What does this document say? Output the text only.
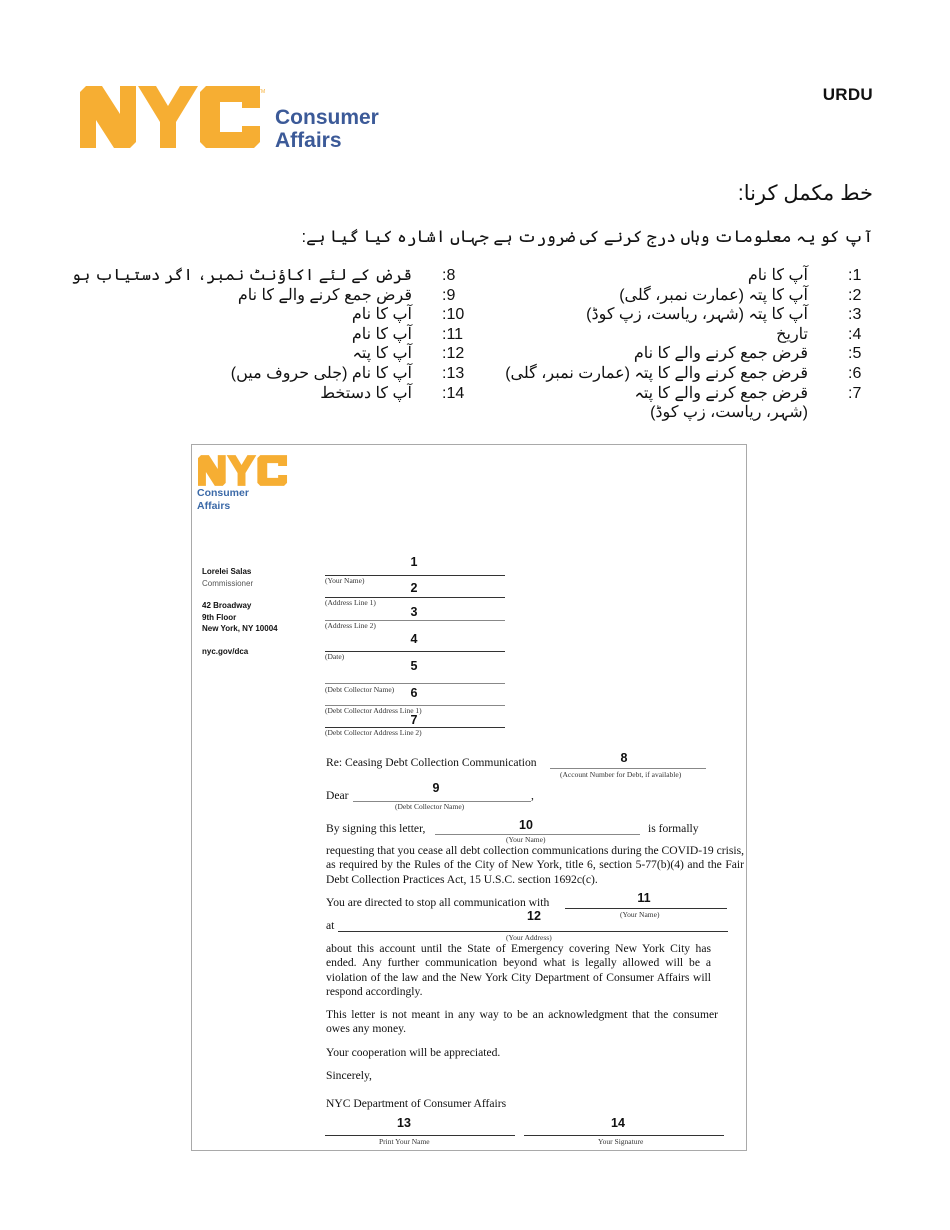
TM
Consumer
Affairs
URDU
خط مکمل کرنا:
آپ کو یہ معلومات وہاں درج کرنے کی ضرورت ہے جہاں اشارہ کیا گیا ہے:
:1
آپ کا نام
:2
آپ کا پتہ (عمارت نمبر، گلی)
:3
آپ کا پتہ (شہر، ریاست، زپ کوڈ)
:4
تاریخ
:5
قرض جمع کرنے والے کا نام
:6
قرض جمع کرنے والے کا پتہ (عمارت نمبر، گلی)
:7
قرض جمع کرنے والے کا پتہ
(شہر، ریاست، زپ کوڈ)
:8
قرض کے لئے اکاؤنٹ نمبر، اگر دستیاب ہو
:9
قرض جمع کرنے والے کا نام
:10
آپ کا نام
:11
آپ کا نام
:12
آپ کا پتہ
:13
آپ کا نام (جلی حروف میں)
:14
آپ کا دستخط
Consumer
Affairs
Lorelei Salas
Commissioner
42 Broadway
9th Floor
New York, NY 10004
nyc.gov/dca
1
(Your Name)
2
(Address Line 1)
3
(Address Line 2)
4
(Date)
5
(Debt Collector Name)	6
(Debt Collector Address Line 1)
7
(Debt Collector Address Line 2)
Re: Ceasing Debt Collection Communication	8
(Account Number for Debt, if available)
Dear
9
,
(Debt Collector Name)
By signing this letter,	10	is formally
(Your Name)
requesting that you cease all debt collection communications during the COVID-19 crisis, as required by the Rules of the City of New York, title 6, section 5-77(b)(4) and the Fair Debt Collection Practices Act, 15 U.S.C. section 1692c(c).
You are directed to stop all communication with	11
(Your Name)
12
at
(Your Address)
about this account until the State of Emergency covering New York City has ended. Any further communication beyond what is legally allowed will be a violation of the law and the New York City Department of Consumer Affairs will respond accordingly.
This letter is not meant in any way to be an acknowledgment that the consumer owes any money.
Your cooperation will be appreciated.
Sincerely,
NYC Department of Consumer Affairs
13
Print Your Name
14
Your Signature
